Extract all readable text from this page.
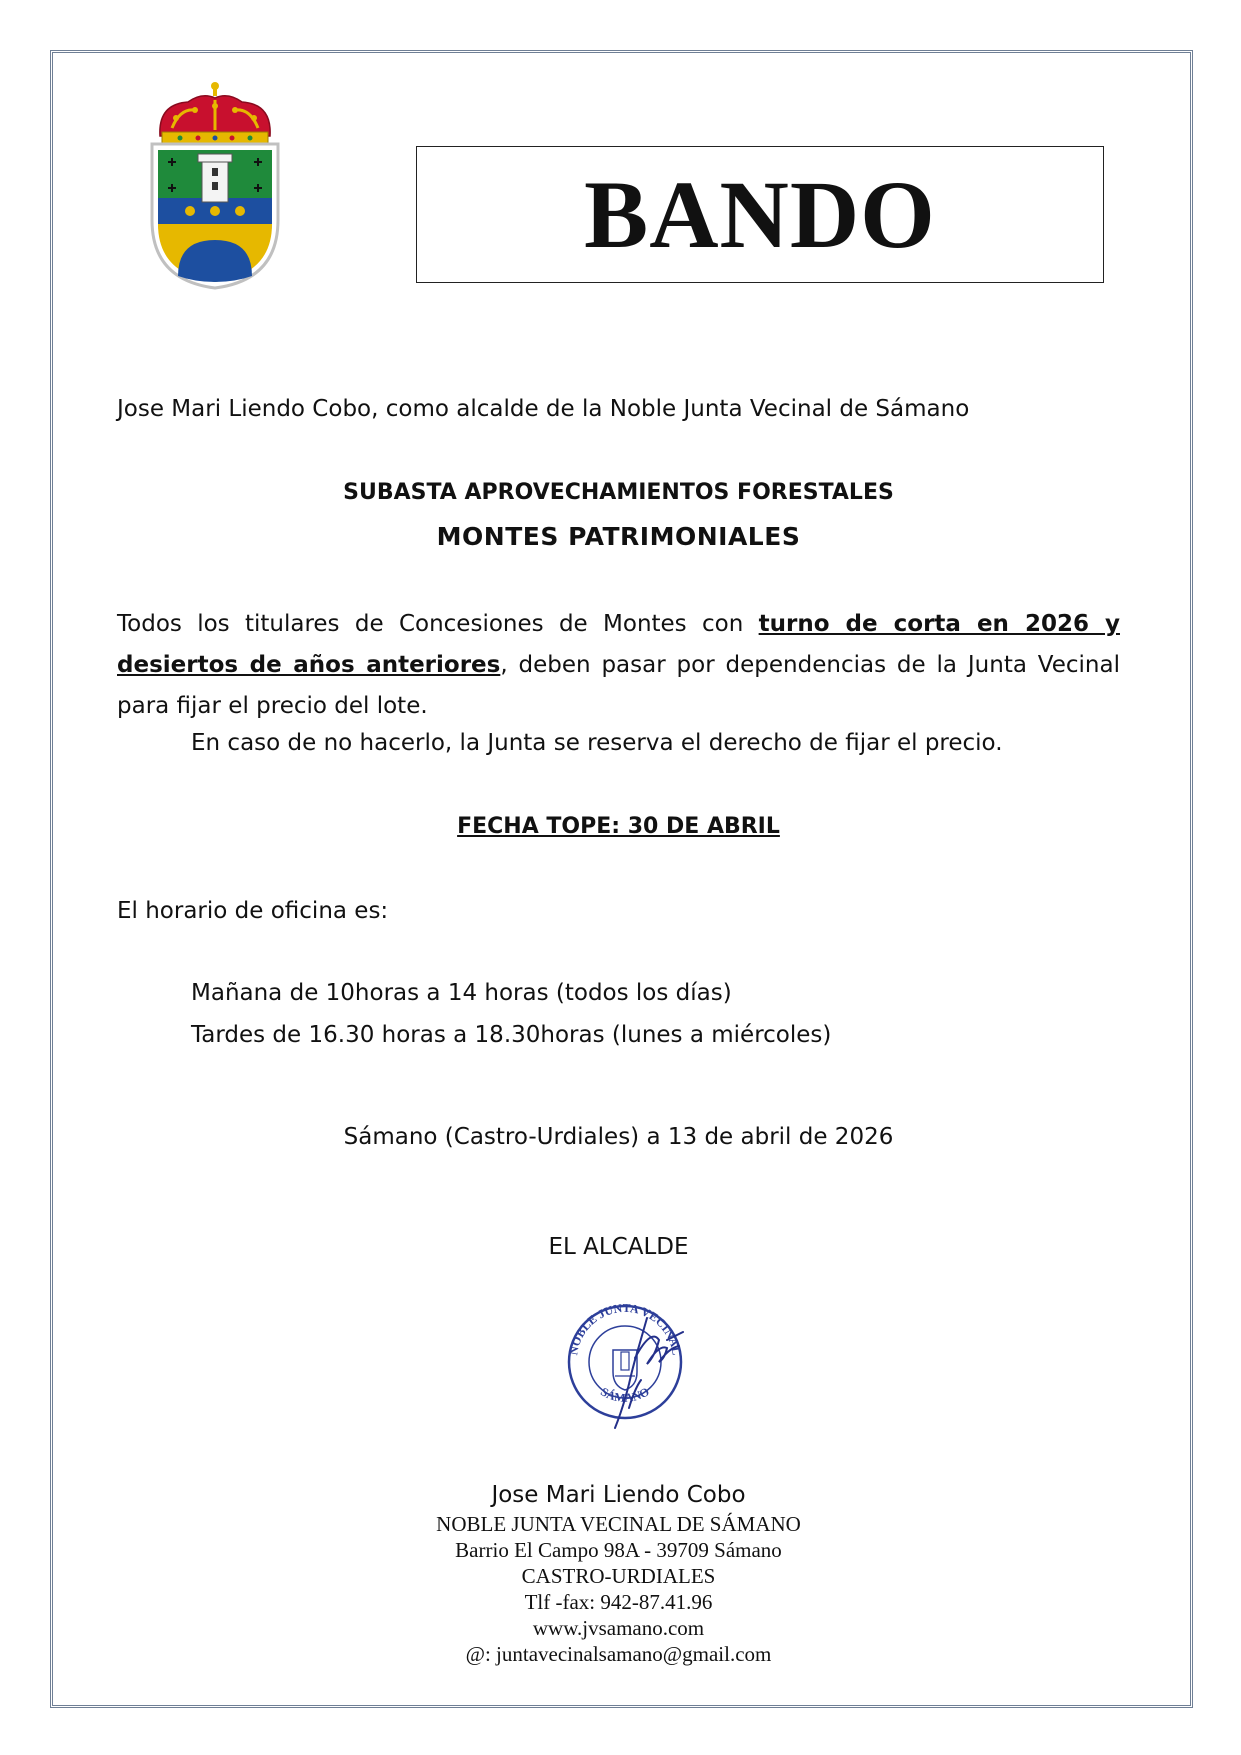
BANDO
Jose Mari Liendo Cobo, como alcalde de la Noble Junta Vecinal de Sámano
SUBASTA APROVECHAMIENTOS FORESTALES
MONTES PATRIMONIALES
Todos los titulares de Concesiones de Montes con turno de corta en 2026 y desiertos de años anteriores, deben pasar por dependencias de la Junta Vecinal para fijar el precio del lote.
En caso de no hacerlo, la Junta se reserva el derecho de fijar el precio.
FECHA TOPE: 30 DE ABRIL
El horario de oficina es:
Mañana de 10horas a 14 horas (todos los días)
Tardes de 16.30 horas a 18.30horas (lunes a miércoles)
Sámano (Castro-Urdiales) a 13 de abril de 2026
EL ALCALDE
NOBLE JUNTA VECINAL
SÁMANO
Jose Mari Liendo Cobo
NOBLE JUNTA VECINAL DE SÁMANO
Barrio El Campo 98A - 39709 Sámano
CASTRO-URDIALES
Tlf -fax: 942-87.41.96
www.jvsamano.com
@: juntavecinalsamano@gmail.com
